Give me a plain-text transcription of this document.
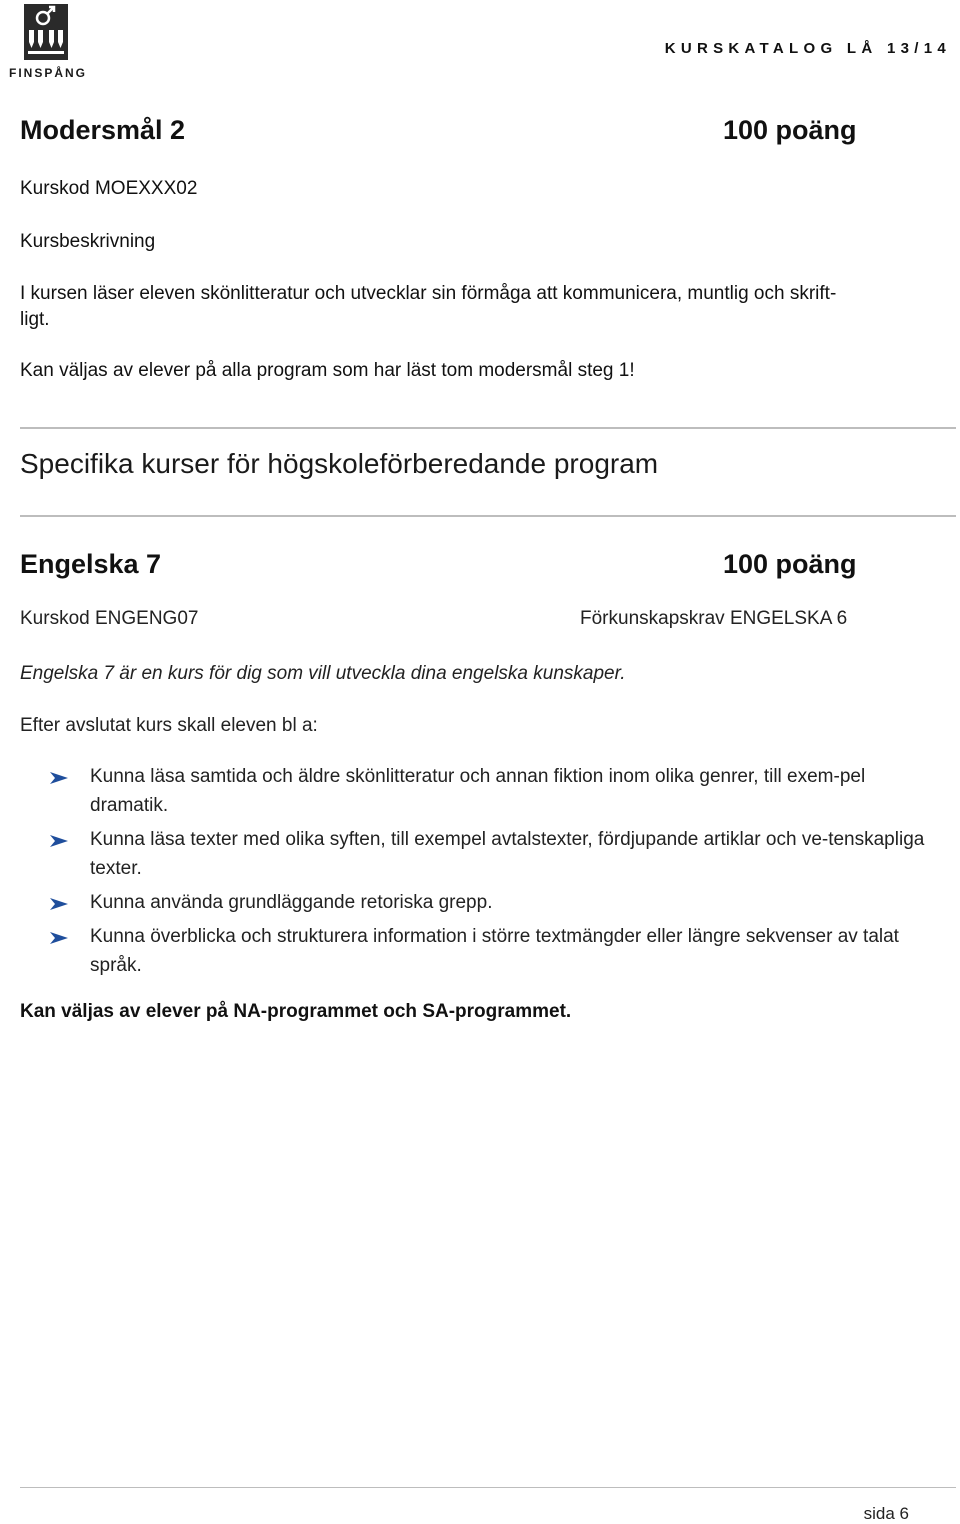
FINSPÅNG
KURSKATALOG LÅ 13/14
Modersmål 2	100 poäng
Kurskod MOEXXX02
Kursbeskrivning
I kursen läser eleven skönlitteratur och utvecklar sin förmåga att kommunicera, muntlig och skrift-
ligt.
Kan väljas av elever på alla program som har läst tom modersmål steg 1!
Specifika kurser för högskoleförberedande program
Engelska 7	100 poäng
Kurskod ENGENG07	Förkunskapskrav ENGELSKA 6
Engelska 7 är en kurs för dig som vill utveckla dina engelska kunskaper.
Efter avslutat kurs skall eleven bl a:
Kunna läsa samtida och äldre skönlitteratur och annan fiktion inom olika genrer, till exem-pel dramatik.
Kunna läsa texter med olika syften, till exempel avtalstexter, fördjupande artiklar och ve-tenskapliga texter.
Kunna använda grundläggande retoriska grepp.
Kunna överblicka och strukturera information i större textmängder eller längre sekvenser av talat språk.
Kan väljas av elever på NA-programmet och SA-programmet.
sida 6
